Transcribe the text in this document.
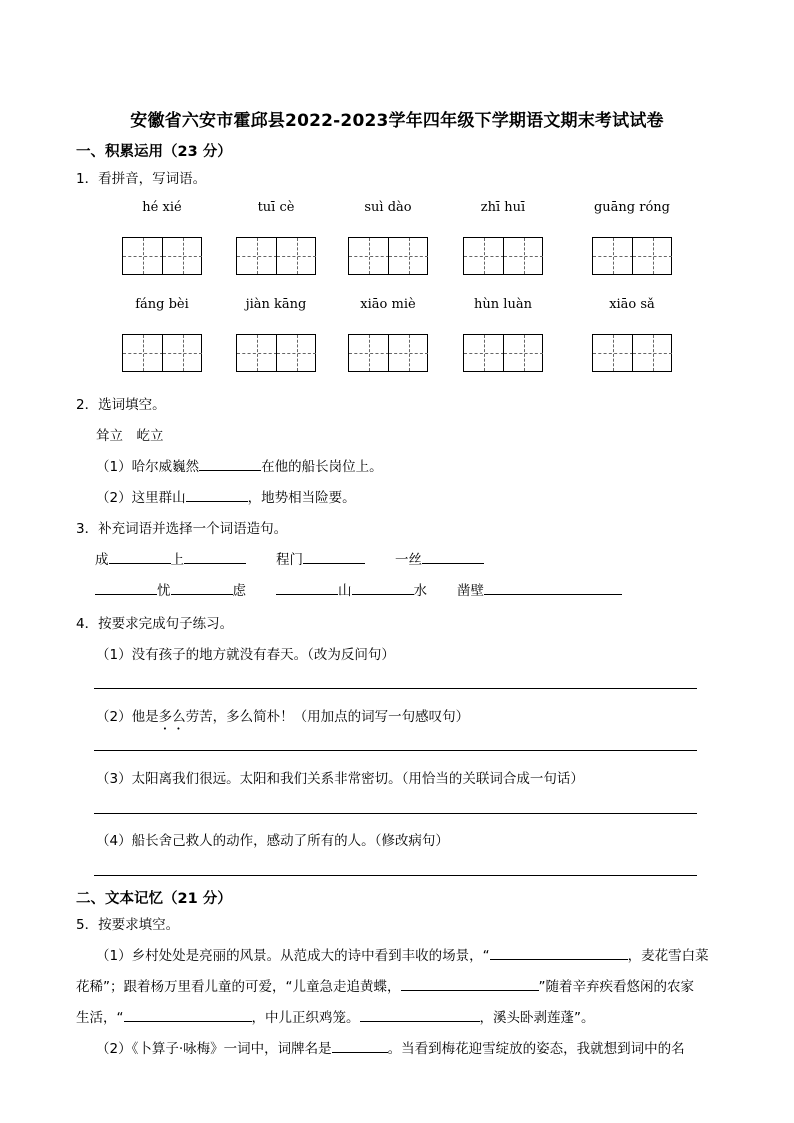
安徽省六安市霍邱县2022-2023学年四年级下学期语文期末考试试卷
一、积累运用（23 分）
1．看拼音，写词语。
hé xié	tuī cè	suì dào	zhī huī	guāng róng
fáng bèi	jiàn kāng	xiāo miè	hùn luàn	xiāo sǎ
2．选词填空。
耸立　屹立
（1）哈尔威巍然	在他的船长岗位上。
（2）这里群山	，地势相当险要。
3．补充词语并选择一个词语造句。
成	上	程门	一丝
忧	虑	山	水 凿壁
4．按要求完成句子练习。
（1）没有孩子的地方就没有春天。（改为反问句）
（2）他是多么劳苦，多么简朴！（用加点的词写一句感叹句）
（3）太阳离我们很远。太阳和我们关系非常密切。（用恰当的关联词合成一句话）
（4）船长舍己救人的动作，感动了所有的人。（修改病句）
二、文本记忆（21 分）
5．按要求填空。
（1）乡村处处是亮丽的风景。从范成大的诗中看到丰收的场景，“	，麦花雪白菜
花稀”；跟着杨万里看儿童的可爱，“儿童急走追黄蝶，	”随着辛弃疾看悠闲的农家
生活，“	，中儿正织鸡笼。	，溪头卧剥莲蓬”。
（2）《卜算子·咏梅》一词中，词牌名是	。当看到梅花迎雪绽放的姿态，我就想到词中的名
